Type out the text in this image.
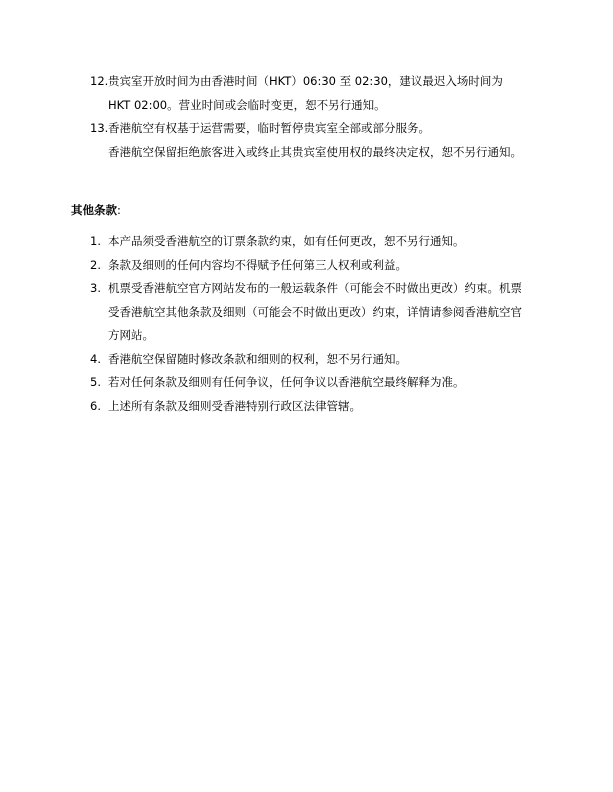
12. 贵宾室开放时间为由香港时间（HKT）06:30 至 02:30，建议最迟入场时间为
HKT 02:00。营业时间或会临时变更，恕不另行通知。
13. 香港航空有权基于运营需要，临时暂停贵宾室全部或部分服务。
香港航空保留拒绝旅客进入或终止其贵宾室使用权的最终决定权，恕不另行通知。
其他条款:
1. 本产品须受香港航空的订票条款约束，如有任何更改，恕不另行通知。
2. 条款及细则的任何内容均不得赋予任何第三人权利或利益。
3. 机票受香港航空官方网站发布的一般运载条件（可能会不时做出更改）约束。机票
受香港航空其他条款及细则（可能会不时做出更改）约束，详情请参阅香港航空官
方网站。
4. 香港航空保留随时修改条款和细则的权利，恕不另行通知。
5. 若对任何条款及细则有任何争议，任何争议以香港航空最终解释为准。
6. 上述所有条款及细则受香港特别行政区法律管辖。
